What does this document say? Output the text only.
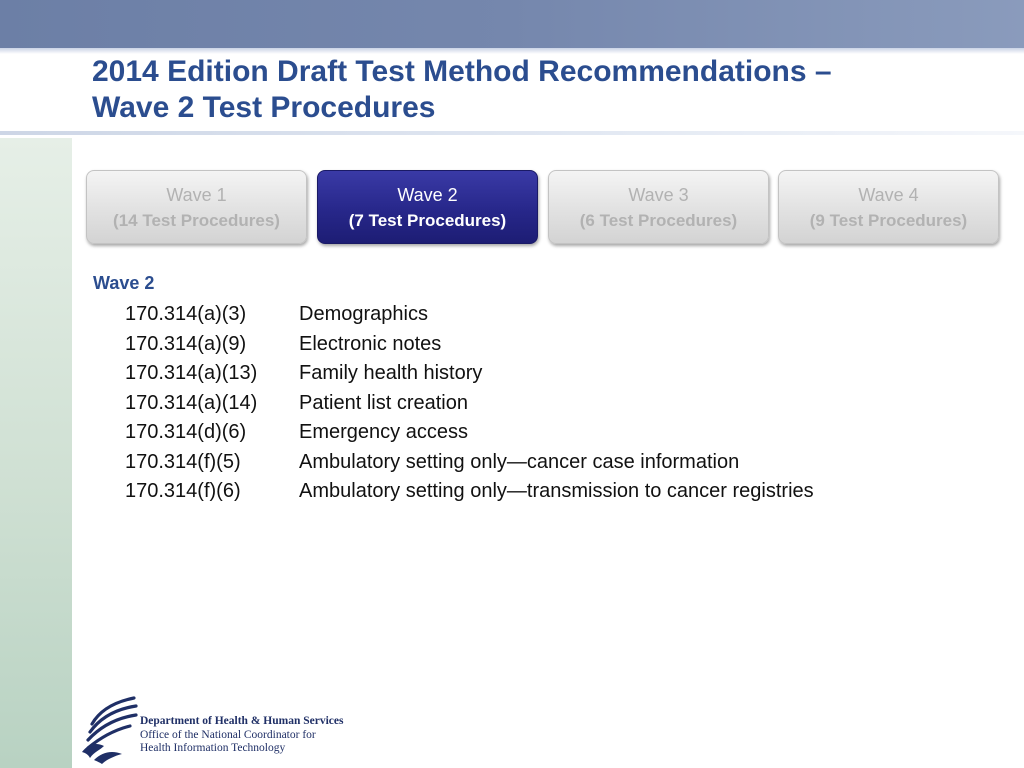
2014 Edition Draft Test Method Recommendations –
Wave 2 Test Procedures
Wave 1
(14 Test Procedures)
Wave 2
(7 Test Procedures)
Wave 3
(6 Test Procedures)
Wave 4
(9 Test Procedures)
Wave 2
170.314(a)(3)	Demographics
170.314(a)(9)	Electronic notes
170.314(a)(13)	Family health history
170.314(a)(14)	Patient list creation
170.314(d)(6)	Emergency access
170.314(f)(5)	Ambulatory setting only—cancer case information
170.314(f)(6)	Ambulatory setting only—transmission to cancer registries
Department of Health & Human Services
Office of the National Coordinator for
Health Information Technology
